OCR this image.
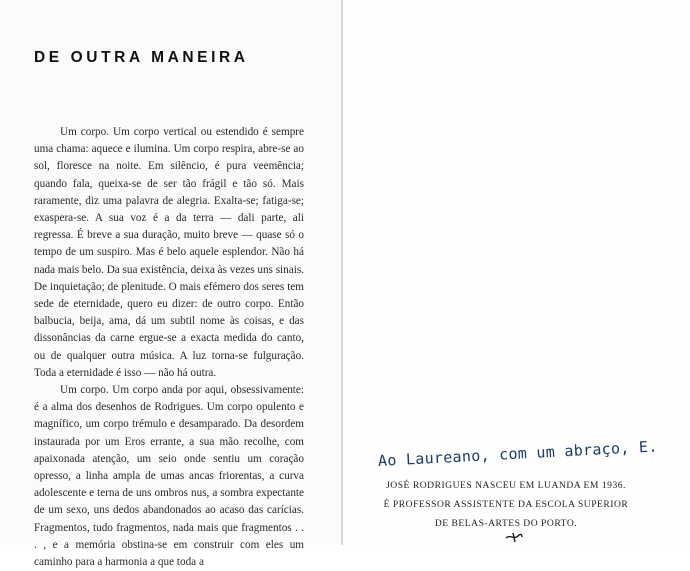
DE OUTRA MANEIRA

Um corpo. Um corpo vertical ou estendido é sempre uma chama: aquece e ilumina. Um corpo respira, abre-se ao sol, floresce na noite. Em silêncio, é pura veemência; quando fala, queixa-se de ser tão frágil e tão só. Mais raramente, diz uma palavra de alegria. Exalta-se; fatiga-se; exaspera-se. A sua voz é a da terra — dali parte, ali regressa. É breve a sua duração, muito breve — quase só o tempo de um suspiro. Mas é belo aquele esplendor. Não há nada mais belo. Da sua existência, deixa às vezes uns sinais. De inquietação; de plenitude. O mais efémero dos seres tem sede de eternidade, quero eu dizer: de outro corpo. Então balbucia, beija, ama, dá um subtil nome às coisas, e das dissonâncias da carne ergue-se a exacta medida do canto, ou de qualquer outra música. A luz torna-se fulguração. Toda a eternidade é isso — não há outra.

Um corpo. Um corpo anda por aqui, obsessivamente: é a alma dos desenhos de Rodrigues. Um corpo opulento e magnífico, um corpo trémulo e desamparado. Da desordem instaurada por um Eros errante, a sua mão recolhe, com apaixonada atenção, um seio onde sentiu um coração opresso, a linha ampla de umas ancas friorentas, a curva adolescente e terna de uns ombros nus, a sombra expectante de um sexo, uns dedos abandonados ao acaso das carícias. Fragmentos, tudo fragmentos, nada mais que fragmentos . . . , e a memória obstina-se em construir com eles um caminho para a harmonia a que toda a

Ao Laureano, com um abraço, E.
JOSÉ RODRIGUES NASCEU EM LUANDA EM 1936.
É PROFESSOR ASSISTENTE DA ESCOLA SUPERIOR
DE BELAS-ARTES DO PORTO.
